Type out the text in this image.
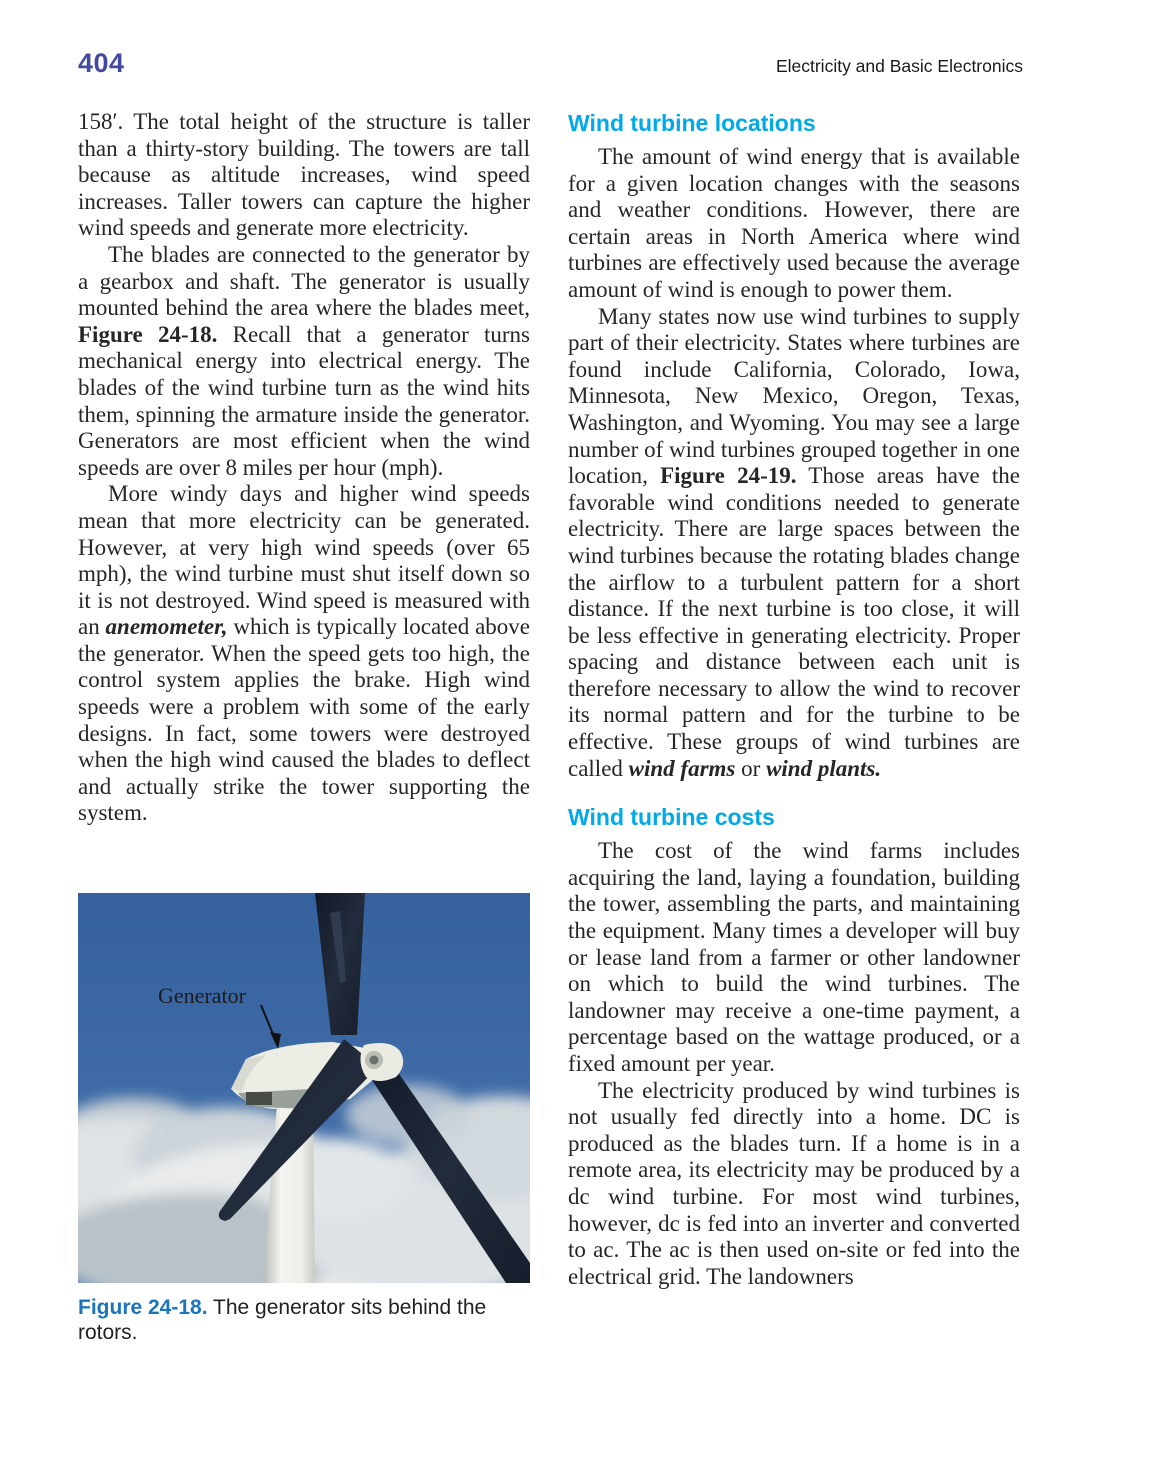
404	Electricity and Basic Electronics

158′. The total height of the structure is taller than a thirty-story building. The towers are tall because as altitude increases, wind speed increases. Taller towers can capture the higher wind speeds and generate more electricity.

The blades are connected to the generator by a gearbox and shaft. The generator is usually mounted behind the area where the blades meet, Figure 24-18. Recall that a generator turns mechanical energy into electrical energy. The blades of the wind turbine turn as the wind hits them, spinning the armature inside the generator. Generators are most efficient when the wind speeds are over 8 miles per hour (mph).

More windy days and higher wind speeds mean that more electricity can be generated. However, at very high wind speeds (over 65 mph), the wind turbine must shut itself down so it is not destroyed. Wind speed is measured with an anemometer, which is typically located above the generator. When the speed gets too high, the control system applies the brake. High wind speeds were a problem with some of the early designs. In fact, some towers were destroyed when the high wind caused the blades to deflect and actually strike the tower supporting the system.

Generator
Figure 24-18. The generator sits behind the rotors.
Wind turbine locations

The amount of wind energy that is available for a given location changes with the seasons and weather conditions. However, there are certain areas in North America where wind turbines are effectively used because the average amount of wind is enough to power them.

Many states now use wind turbines to supply part of their electricity. States where turbines are found include California, Colorado, Iowa, Minnesota, New Mexico, Oregon, Texas, Washington, and Wyoming. You may see a large number of wind turbines grouped together in one location, Figure 24-19. Those areas have the favorable wind conditions needed to generate electricity. There are large spaces between the wind turbines because the rotating blades change the airflow to a turbulent pattern for a short distance. If the next turbine is too close, it will be less effective in generating electricity. Proper spacing and distance between each unit is therefore necessary to allow the wind to recover its normal pattern and for the turbine to be effective. These groups of wind turbines are called wind farms or wind plants.

Wind turbine costs

The cost of the wind farms includes acquiring the land, laying a foundation, building the tower, assembling the parts, and maintaining the equipment. Many times a developer will buy or lease land from a farmer or other landowner on which to build the wind turbines. The landowner may receive a one-time payment, a percentage based on the wattage produced, or a fixed amount per year.

The electricity produced by wind turbines is not usually fed directly into a home. DC is produced as the blades turn. If a home is in a remote area, its electricity may be produced by a dc wind turbine. For most wind turbines, however, dc is fed into an inverter and converted to ac. The ac is then used on-site or fed into the electrical grid. The landowners
